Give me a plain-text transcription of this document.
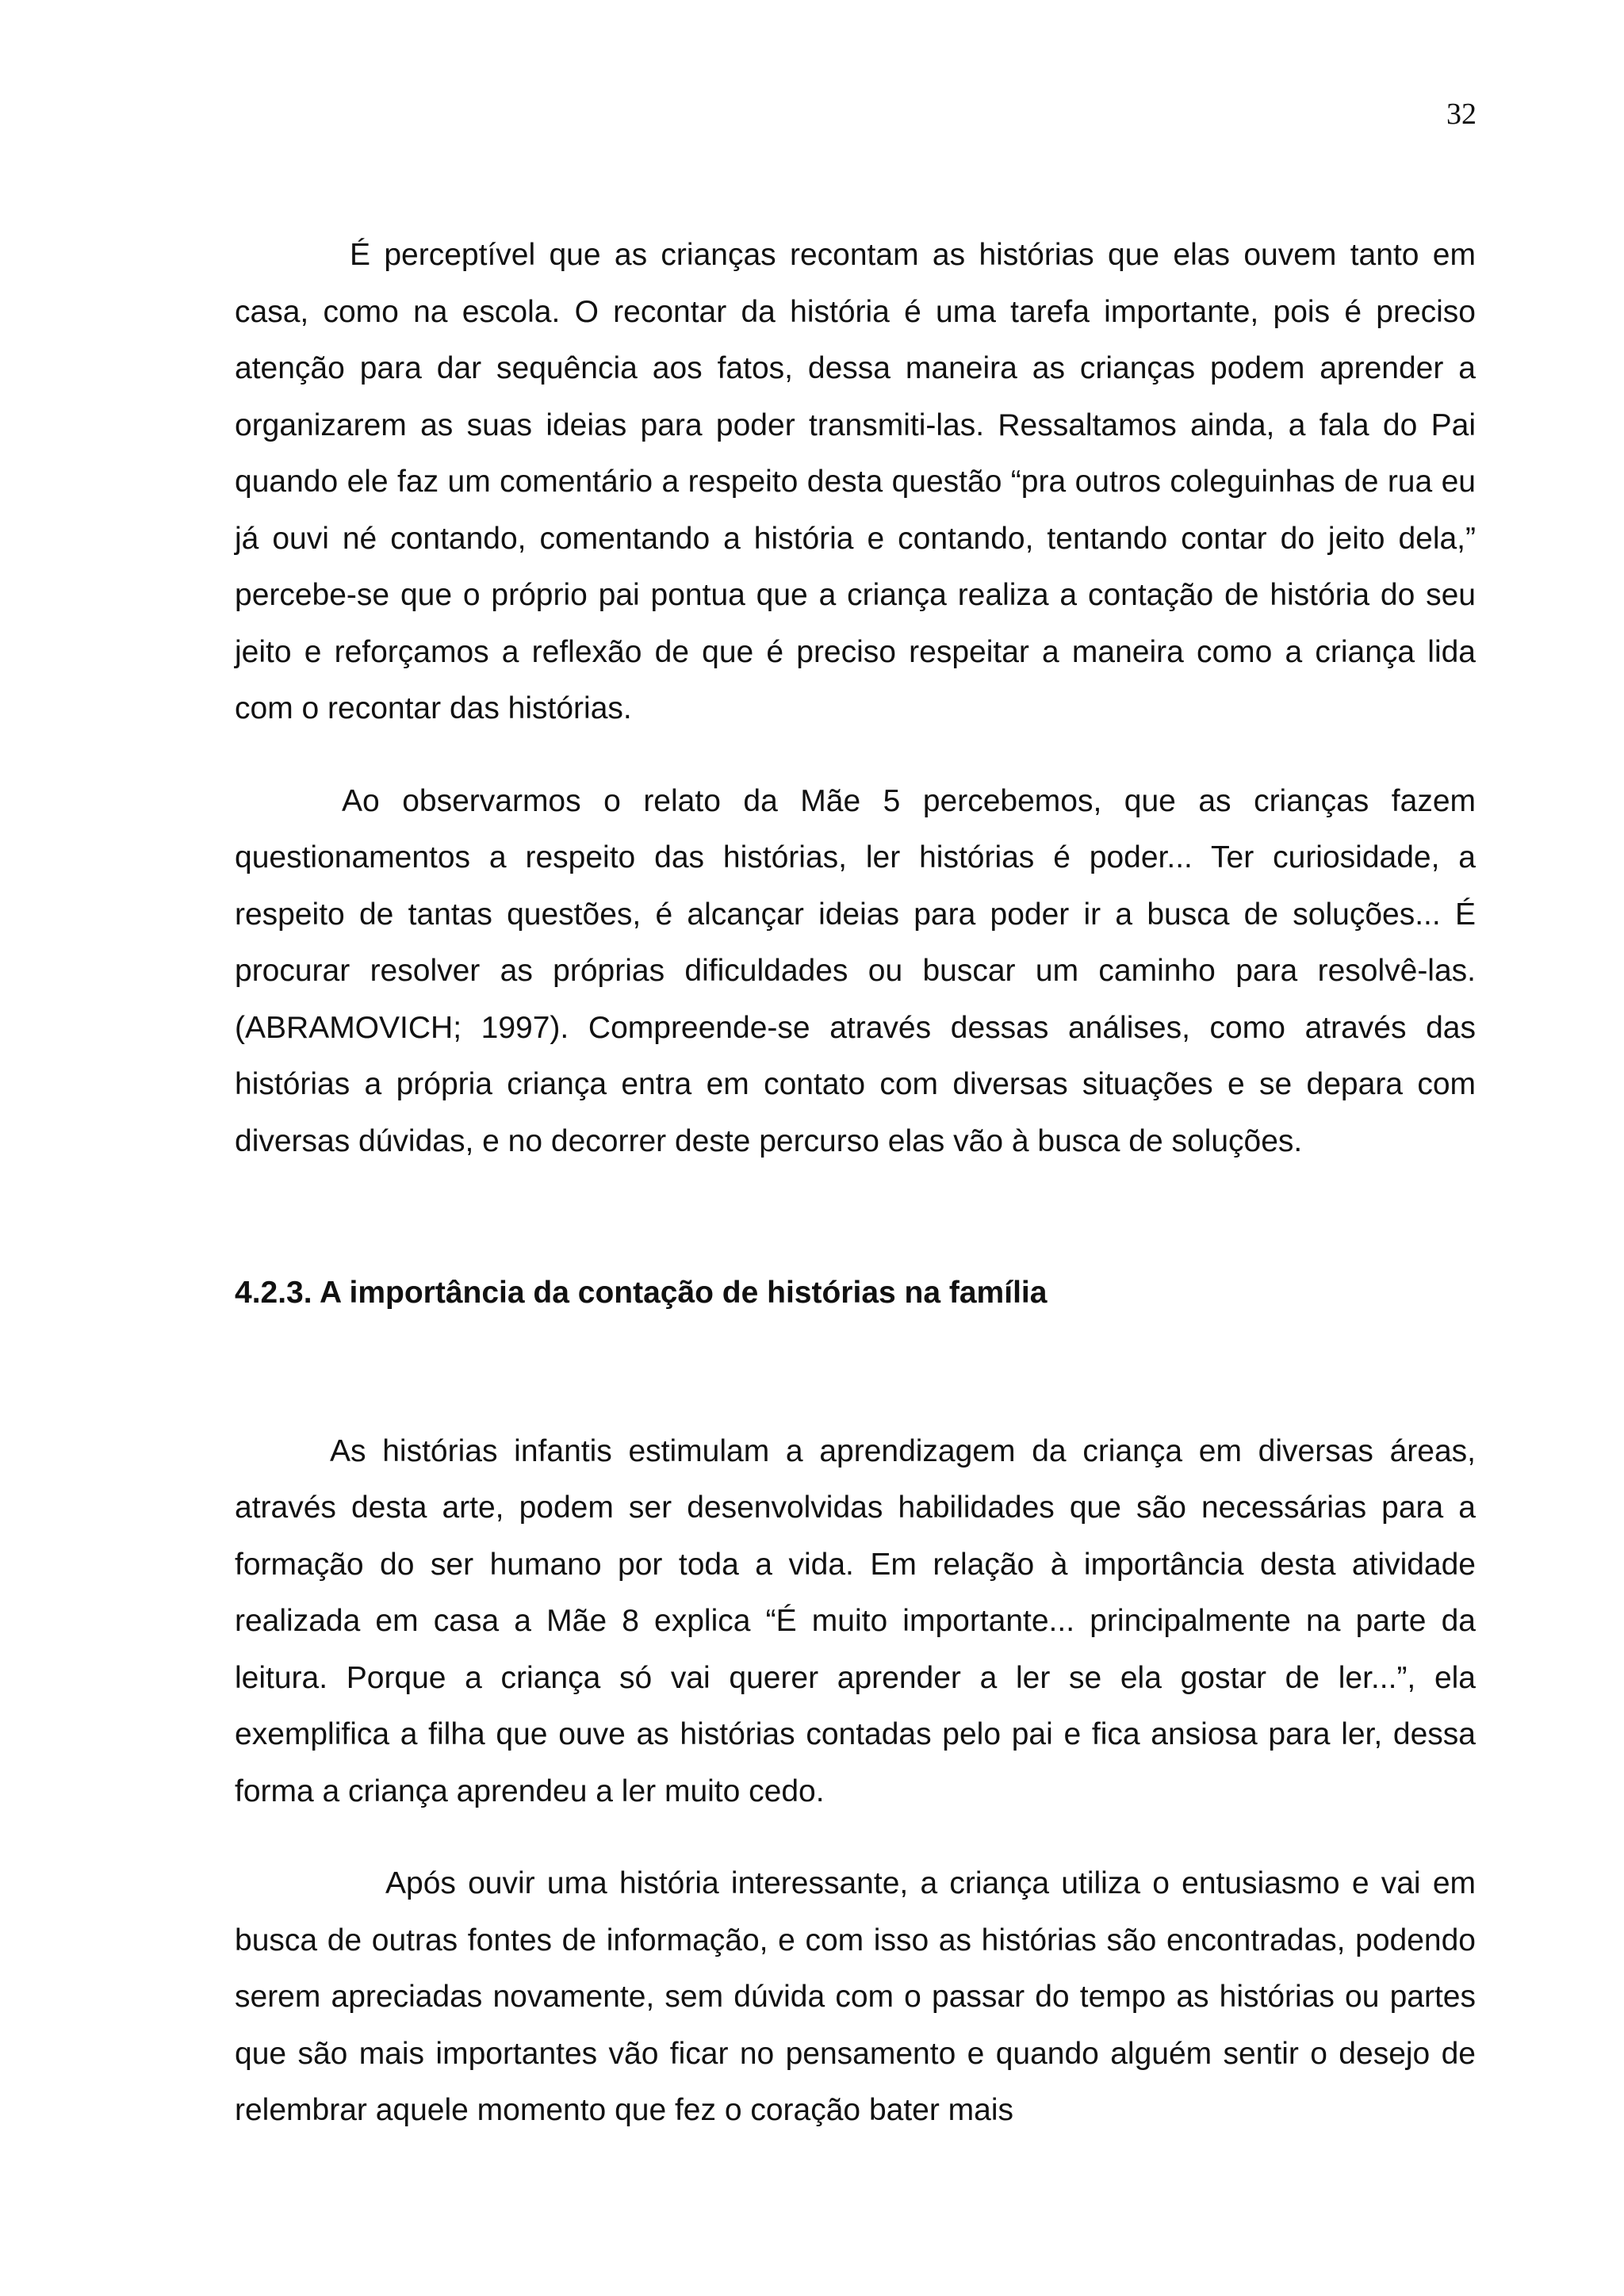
32

É perceptível que as crianças recontam as histórias que elas ouvem tanto em casa, como na escola. O recontar da história é uma tarefa importante, pois é preciso atenção para dar sequência aos fatos, dessa maneira as crianças podem aprender a organizarem as suas ideias para poder transmiti-las. Ressaltamos ainda, a fala do Pai quando ele faz um comentário a respeito desta questão “pra outros coleguinhas de rua eu já ouvi né contando, comentando a história e contando, tentando contar do jeito dela,” percebe-se que o próprio pai pontua que a criança realiza a contação de história do seu jeito e reforçamos a reflexão de que é preciso respeitar a maneira como a criança lida com o recontar das histórias.

Ao observarmos o relato da Mãe 5 percebemos, que as crianças fazem questionamentos a respeito das histórias, ler histórias é poder... Ter curiosidade, a respeito de tantas questões, é alcançar ideias para poder ir a busca de soluções... É procurar resolver as próprias dificuldades ou buscar um caminho para resolvê-las. (ABRAMOVICH; 1997). Compreende-se através dessas análises, como através das histórias a própria criança entra em contato com diversas situações e se depara com diversas dúvidas, e no decorrer deste percurso elas vão à busca de soluções.

4.2.3. A importância da contação de histórias na família

As histórias infantis estimulam a aprendizagem da criança em diversas áreas, através desta arte, podem ser desenvolvidas habilidades que são necessárias para a formação do ser humano por toda a vida. Em relação à importância desta atividade realizada em casa a Mãe 8 explica “É muito importante... principalmente na parte da leitura. Porque a criança só vai querer aprender a ler se ela gostar de ler...”, ela exemplifica a filha que ouve as histórias contadas pelo pai e fica ansiosa para ler, dessa forma a criança aprendeu a ler muito cedo.

Após ouvir uma história interessante, a criança utiliza o entusiasmo e vai em busca de outras fontes de informação, e com isso as histórias são encontradas, podendo serem apreciadas novamente, sem dúvida com o passar do tempo as histórias ou partes que são mais importantes vão ficar no pensamento e quando alguém sentir o desejo de relembrar aquele momento que fez o coração bater mais
